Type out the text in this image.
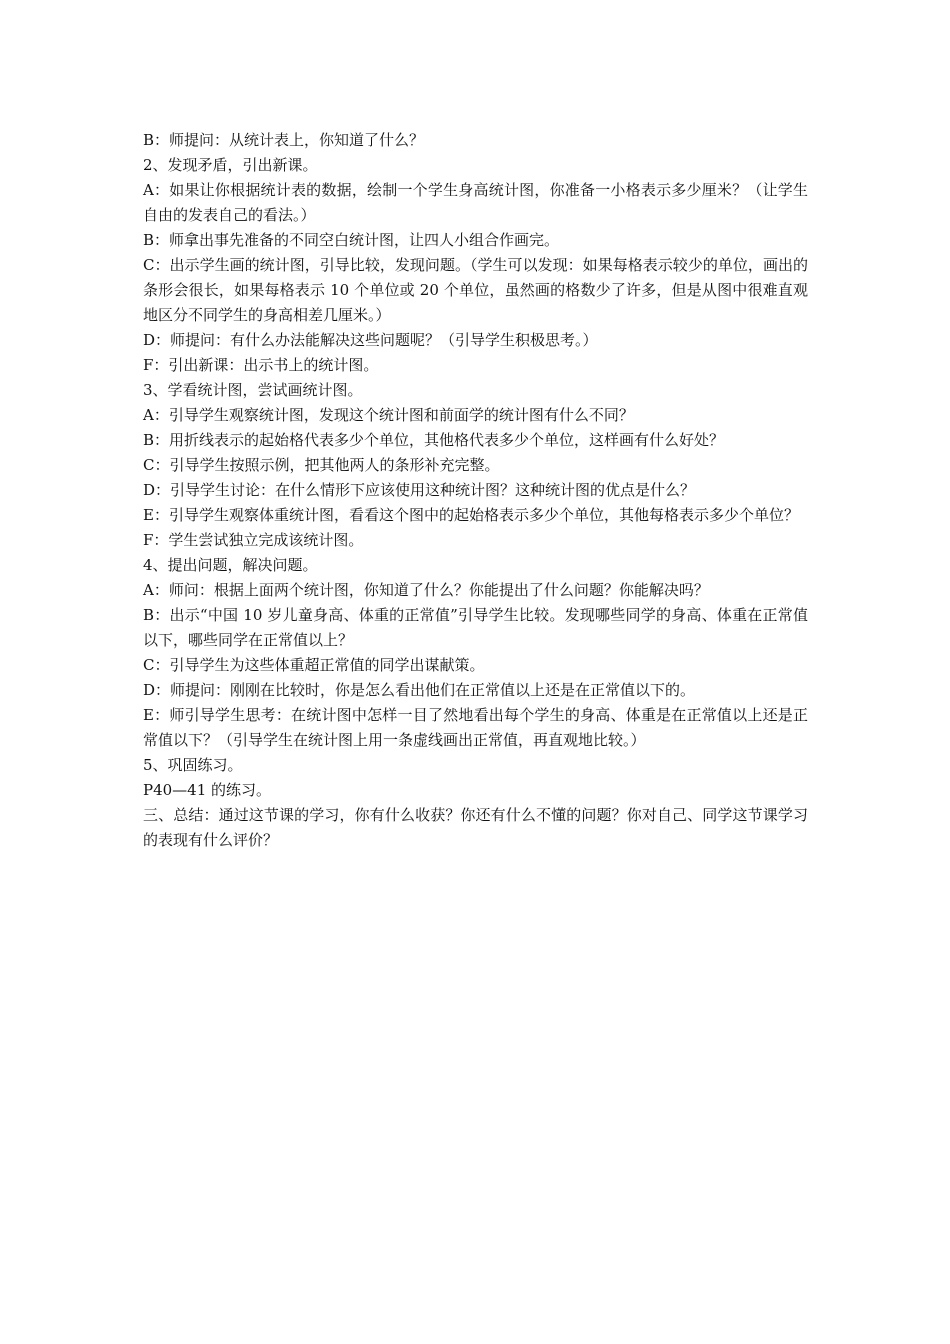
B：师提问：从统计表上，你知道了什么？

2、发现矛盾，引出新课。

A：如果让你根据统计表的数据，绘制一个学生身高统计图，你准备一小格表示多少厘米？（让学生自由的发表自己的看法。）

B：师拿出事先准备的不同空白统计图，让四人小组合作画完。

C：出示学生画的统计图，引导比较，发现问题。（学生可以发现：如果每格表示较少的单位，画出的条形会很长，如果每格表示 10 个单位或 20 个单位，虽然画的格数少了许多，但是从图中很难直观地区分不同学生的身高相差几厘米。）

D：师提问：有什么办法能解决这些问题呢？（引导学生积极思考。）

F：引出新课：出示书上的统计图。

3、学看统计图，尝试画统计图。

A：引导学生观察统计图，发现这个统计图和前面学的统计图有什么不同？

B：用折线表示的起始格代表多少个单位，其他格代表多少个单位，这样画有什么好处？

C：引导学生按照示例，把其他两人的条形补充完整。

D：引导学生讨论：在什么情形下应该使用这种统计图？这种统计图的优点是什么？

E：引导学生观察体重统计图，看看这个图中的起始格表示多少个单位，其他每格表示多少个单位？

F：学生尝试独立完成该统计图。

4、提出问题，解决问题。

A：师问：根据上面两个统计图，你知道了什么？你能提出了什么问题？你能解决吗？

B：出示“中国 10 岁儿童身高、体重的正常值”引导学生比较。发现哪些同学的身高、体重在正常值以下，哪些同学在正常值以上？

C：引导学生为这些体重超正常值的同学出谋献策。

D：师提问：刚刚在比较时，你是怎么看出他们在正常值以上还是在正常值以下的。

E：师引导学生思考：在统计图中怎样一目了然地看出每个学生的身高、体重是在正常值以上还是正常值以下？（引导学生在统计图上用一条虚线画出正常值，再直观地比较。）

5、巩固练习。

P40—41 的练习。

三、总结：通过这节课的学习，你有什么收获？你还有什么不懂的问题？你对自己、同学这节课学习的表现有什么评价？
